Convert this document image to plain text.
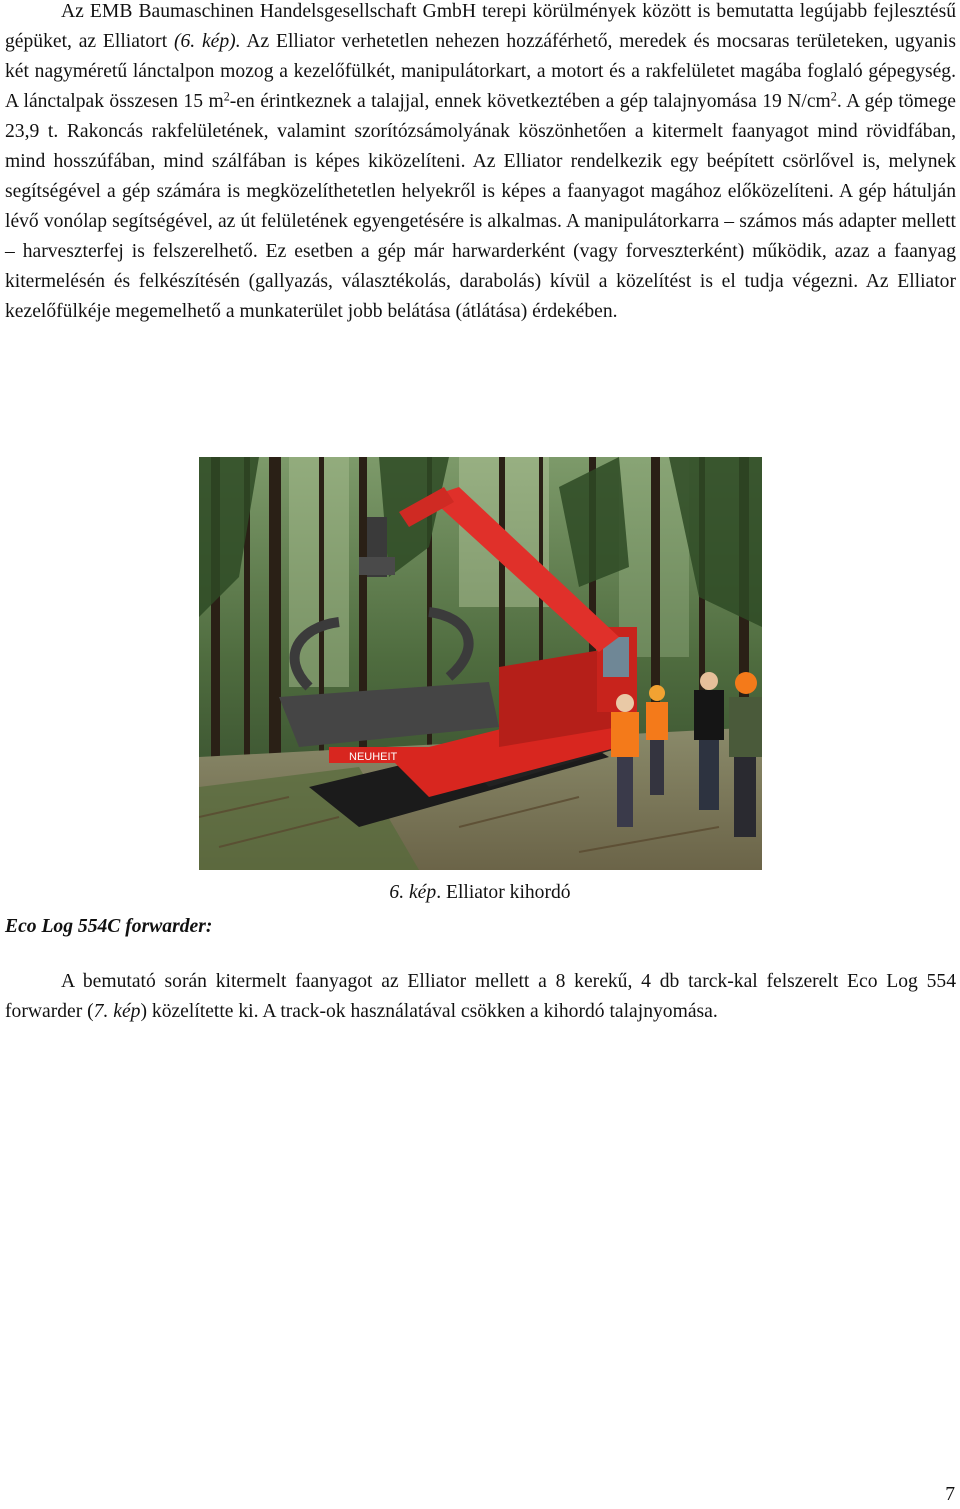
Az EMB Baumaschinen Handelsgesellschaft GmbH terepi körülmények között is bemutatta legújabb fejlesztésű gépüket, az Elliatort (6. kép). Az Elliator verhetetlen nehezen hozzáférhető, meredek és mocsaras területeken, ugyanis két nagyméretű lánctalpon mozog a kezelőfülkét, manipulátorkart, a motort és a rakfelületet magába foglaló gépegység. A lánctalpak összesen 15 $m^2-en$ érintkeznek a talajjal, ennek következtében a gép talajnyomása 19 $N/cm^2$. A gép tömege 23,9 t. Rakoncás rakfelületének, valamint szorítózsámolyának köszönhetően a kitermelt faanyagot mind rövidfában, mind hosszúfában, mind szálfában is képes kiközelíteni. Az Elliator rendelkezik egy beépített csörlővel is, melynek segítségével a gép számára is megközelíthetetlen helyekről is képes a faanyagot magához előközelíteni. A gép hátulján lévő vonólap segítségével, az út felületének egyengetésére is alkalmas. A manipulátorkarra – számos más adapter mellett – harveszterfej is felszerelhető. Ez esetben a gép már harwarderként (vagy forveszterként) működik, azaz a faanyag kitermelésén és felkészítésén (gallyazás, választékolás, darabolás) kívül a közelítést is el tudja végezni. Az Elliator kezelőfülkéje megemelhető a munkaterület jobb belátása (átlátása) érdekében.

NEUHEIT
6. kép. Elliator kihordó

Eco Log 554C forwarder:

A bemutató során kitermelt faanyagot az Elliator mellett a 8 kerekű, 4 db tarck-kal felszerelt Eco Log 554 forwarder (7. kép) közelítette ki. A track-ok használatával csökken a kihordó talajnyomása.

7
